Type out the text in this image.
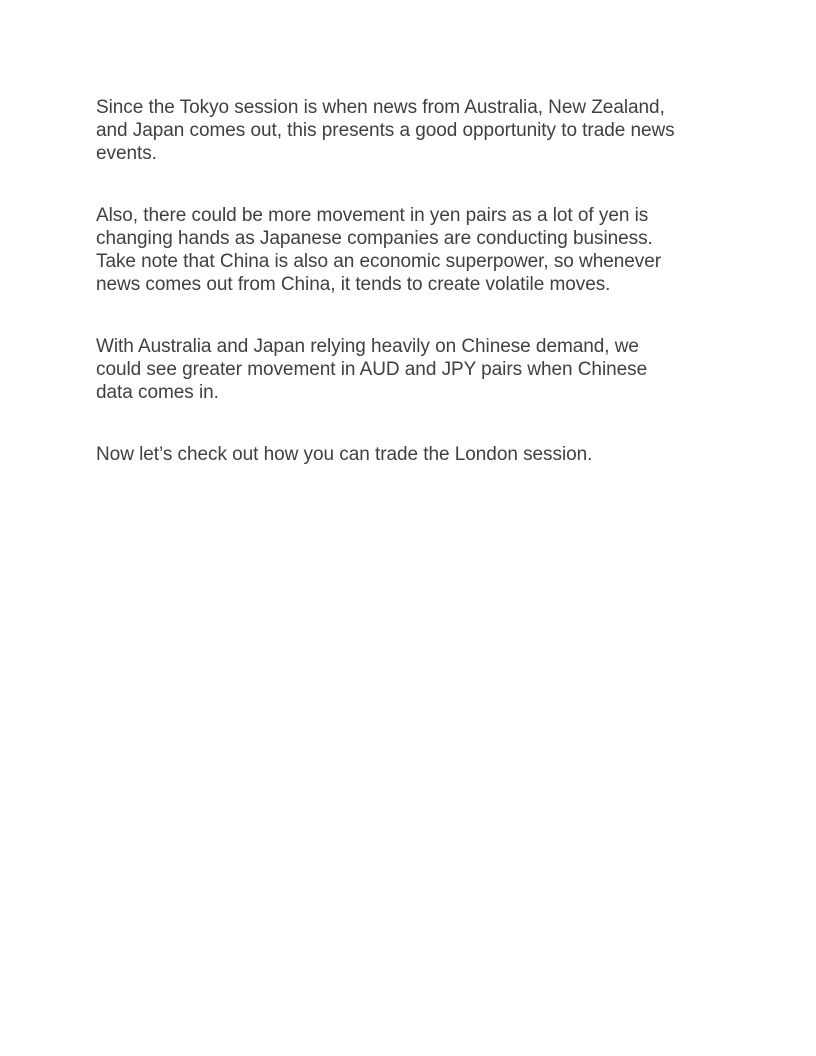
Since the Tokyo session is when news from Australia, New Zealand,
and Japan comes out, this presents a good opportunity to trade news
events.

Also, there could be more movement in yen pairs as a lot of yen is
changing hands as Japanese companies are conducting business.
Take note that China is also an economic superpower, so whenever
news comes out from China, it tends to create volatile moves.

With Australia and Japan relying heavily on Chinese demand, we
could see greater movement in AUD and JPY pairs when Chinese
data comes in.

Now let’s check out how you can trade the London session.
